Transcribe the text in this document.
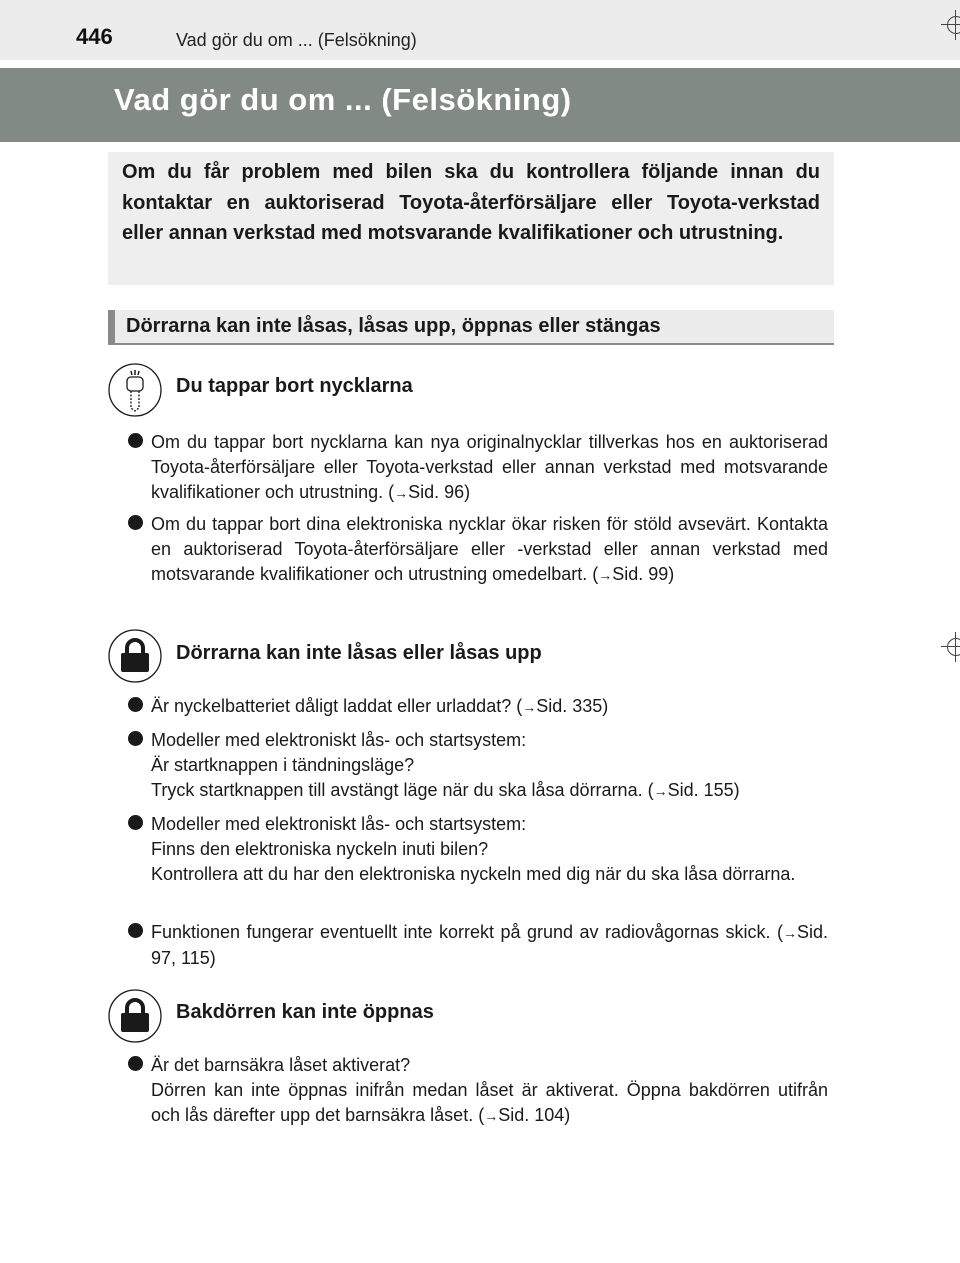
446	Vad gör du om ... (Felsökning)
Vad gör du om ... (Felsökning)

Om du får problem med bilen ska du kontrollera följande innan du kontaktar en auktoriserad Toyota-återförsäljare eller Toyota-verkstad eller annan verkstad med motsvarande kvalifikationer och utrustning.

Dörrarna kan inte låsas, låsas upp, öppnas eller stängas
Du tappar bort nycklarna
Om du tappar bort nycklarna kan nya originalnycklar tillverkas hos en auktoriserad Toyota-återförsäljare eller Toyota-verkstad eller annan verkstad med motsvarande kvalifikationer och utrustning. (→Sid. 96)
Om du tappar bort dina elektroniska nycklar ökar risken för stöld avsevärt. Kontakta en auktoriserad Toyota-återförsäljare eller -verkstad eller annan verkstad med motsvarande kvalifikationer och utrustning omedelbart. (→Sid. 99)
Dörrarna kan inte låsas eller låsas upp
Är nyckelbatteriet dåligt laddat eller urladdat? (→Sid. 335)
Modeller med elektroniskt lås- och startsystem:
Är startknappen i tändningsläge?
Tryck startknappen till avstängt läge när du ska låsa dörrarna. (→Sid. 155)
Modeller med elektroniskt lås- och startsystem:
Finns den elektroniska nyckeln inuti bilen?
Kontrollera att du har den elektroniska nyckeln med dig när du ska låsa dörrarna.
Funktionen fungerar eventuellt inte korrekt på grund av radiovågornas skick. (→Sid. 97, 115)
Bakdörren kan inte öppnas
Är det barnsäkra låset aktiverat?
Dörren kan inte öppnas inifrån medan låset är aktiverat. Öppna bakdörren utifrån och lås därefter upp det barnsäkra låset. (→Sid. 104)
